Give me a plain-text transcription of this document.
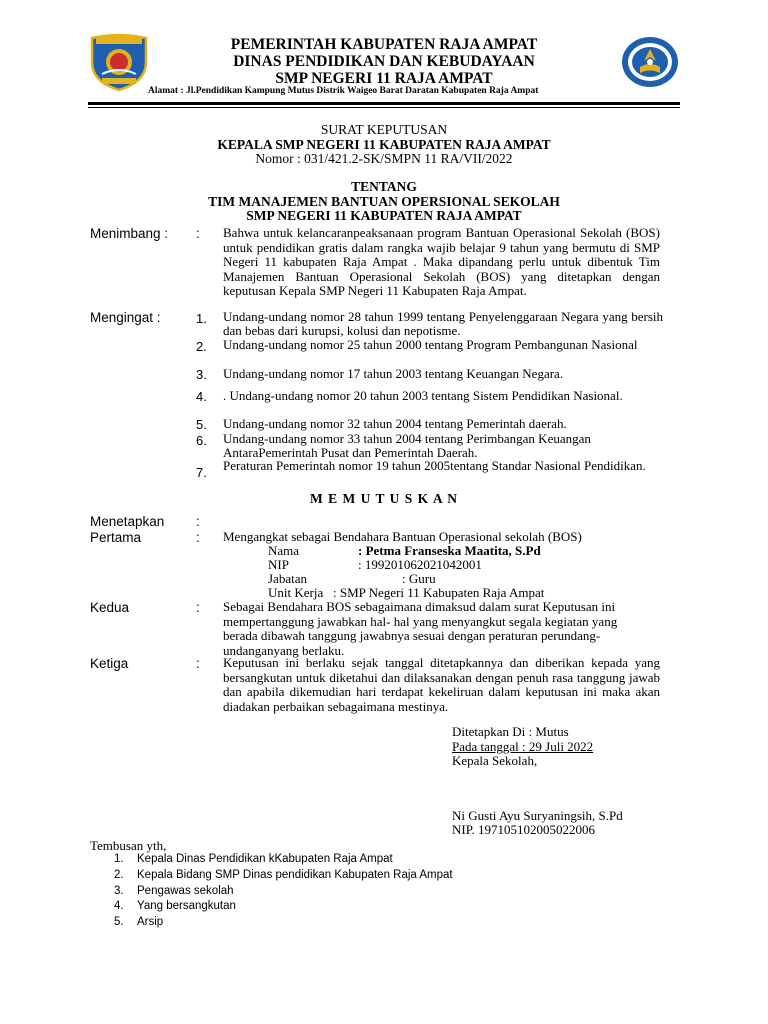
PEMERINTAH KABUPATEN RAJA AMPAT
DINAS PENDIDIKAN DAN KEBUDAYAAN
SMP NEGERI 11 RAJA AMPAT
Alamat : Jl.Pendidikan Kampung Mutus Distrik Waigeo Barat Daratan Kabupaten Raja Ampat
SURAT KEPUTUSAN
KEPALA SMP NEGERI 11 KABUPATEN RAJA AMPAT
Nomor : 031/421.2-SK/SMPN 11 RA/VII/2022
TENTANG
TIM MANAJEMEN BANTUAN OPERSIONAL SEKOLAH
SMP NEGERI 11 KABUPATEN RAJA AMPAT
Menimbang : : Bahwa untuk kelancaranpeaksanaan program Bantuan Operasional Sekolah (BOS) untuk pendidikan gratis dalam rangka wajib belajar 9 tahun yang bermutu di SMP Negeri 11 kabupaten Raja Ampat . Maka dipandang perlu untuk dibentuk Tim Manajemen Bantuan Operasional Sekolah (BOS) yang ditetapkan dengan keputusan Kepala SMP Negeri 11 Kabupaten Raja Ampat.
Mengingat :	1. Undang-undang nomor 28 tahun 1999 tentang Penyelenggaraan Negara yang bersih dan bebas dari kurupsi, kolusi dan nepotisme.
2. Undang-undang nomor 25 tahun 2000 tentang Program Pembangunan Nasional
3. Undang-undang nomor 17 tahun 2003 tentang Keuangan Negara.
4. . Undang-undang nomor 20 tahun 2003 tentang Sistem Pendidikan Nasional.
5. Undang-undang nomor 32 tahun 2004 tentang Pemerintah daerah.
6. Undang-undang nomor 33 tahun 2004 tentang Perimbangan Keuangan AntaraPemerintah Pusat dan Pemerintah Daerah.
7. Peraturan Pemerintah nomor 19 tahun 2005tentang Standar Nasional Pendidikan.
M E M U T U S K A N
Menetapkan :
Pertama	: Mengangkat sebagai Bendahara Bantuan Operasional sekolah (BOS)
Nama	: Petma Franseska Maatita, S.Pd
NIP	: 199201062021042001
Jabatan	: Guru
Unit Kerja : SMP Negeri 11 Kabupaten Raja Ampat
Kedua	: Sebagai Bendahara BOS sebagaimana dimaksud dalam surat Keputusan ini mempertanggung jawabkan hal- hal yang menyangkut segala kegiatan yang berada dibawah tanggung jawabnya sesuai dengan peraturan perundang-undanganyang berlaku.
Ketiga	: Keputusan ini berlaku sejak tanggal ditetapkannya dan diberikan kepada yang bersangkutan untuk diketahui dan dilaksanakan dengan penuh rasa tanggung jawab dan apabila dikemudian hari terdapat kekeliruan dalam keputusan ini maka akan diadakan perbaikan sebagaimana mestinya.
Ditetapkan Di : Mutus
Pada tanggal : 29 Juli 2022
Kepala Sekolah,
Ni Gusti Ayu Suryaningsih, S.Pd
NIP. 197105102005022006
Tembusan yth,
1. Kepala Dinas Pendidikan kKabupaten Raja Ampat
2. Kepala Bidang SMP Dinas pendidikan Kabupaten Raja Ampat
3. Pengawas sekolah
4. Yang bersangkutan
5. Arsip
